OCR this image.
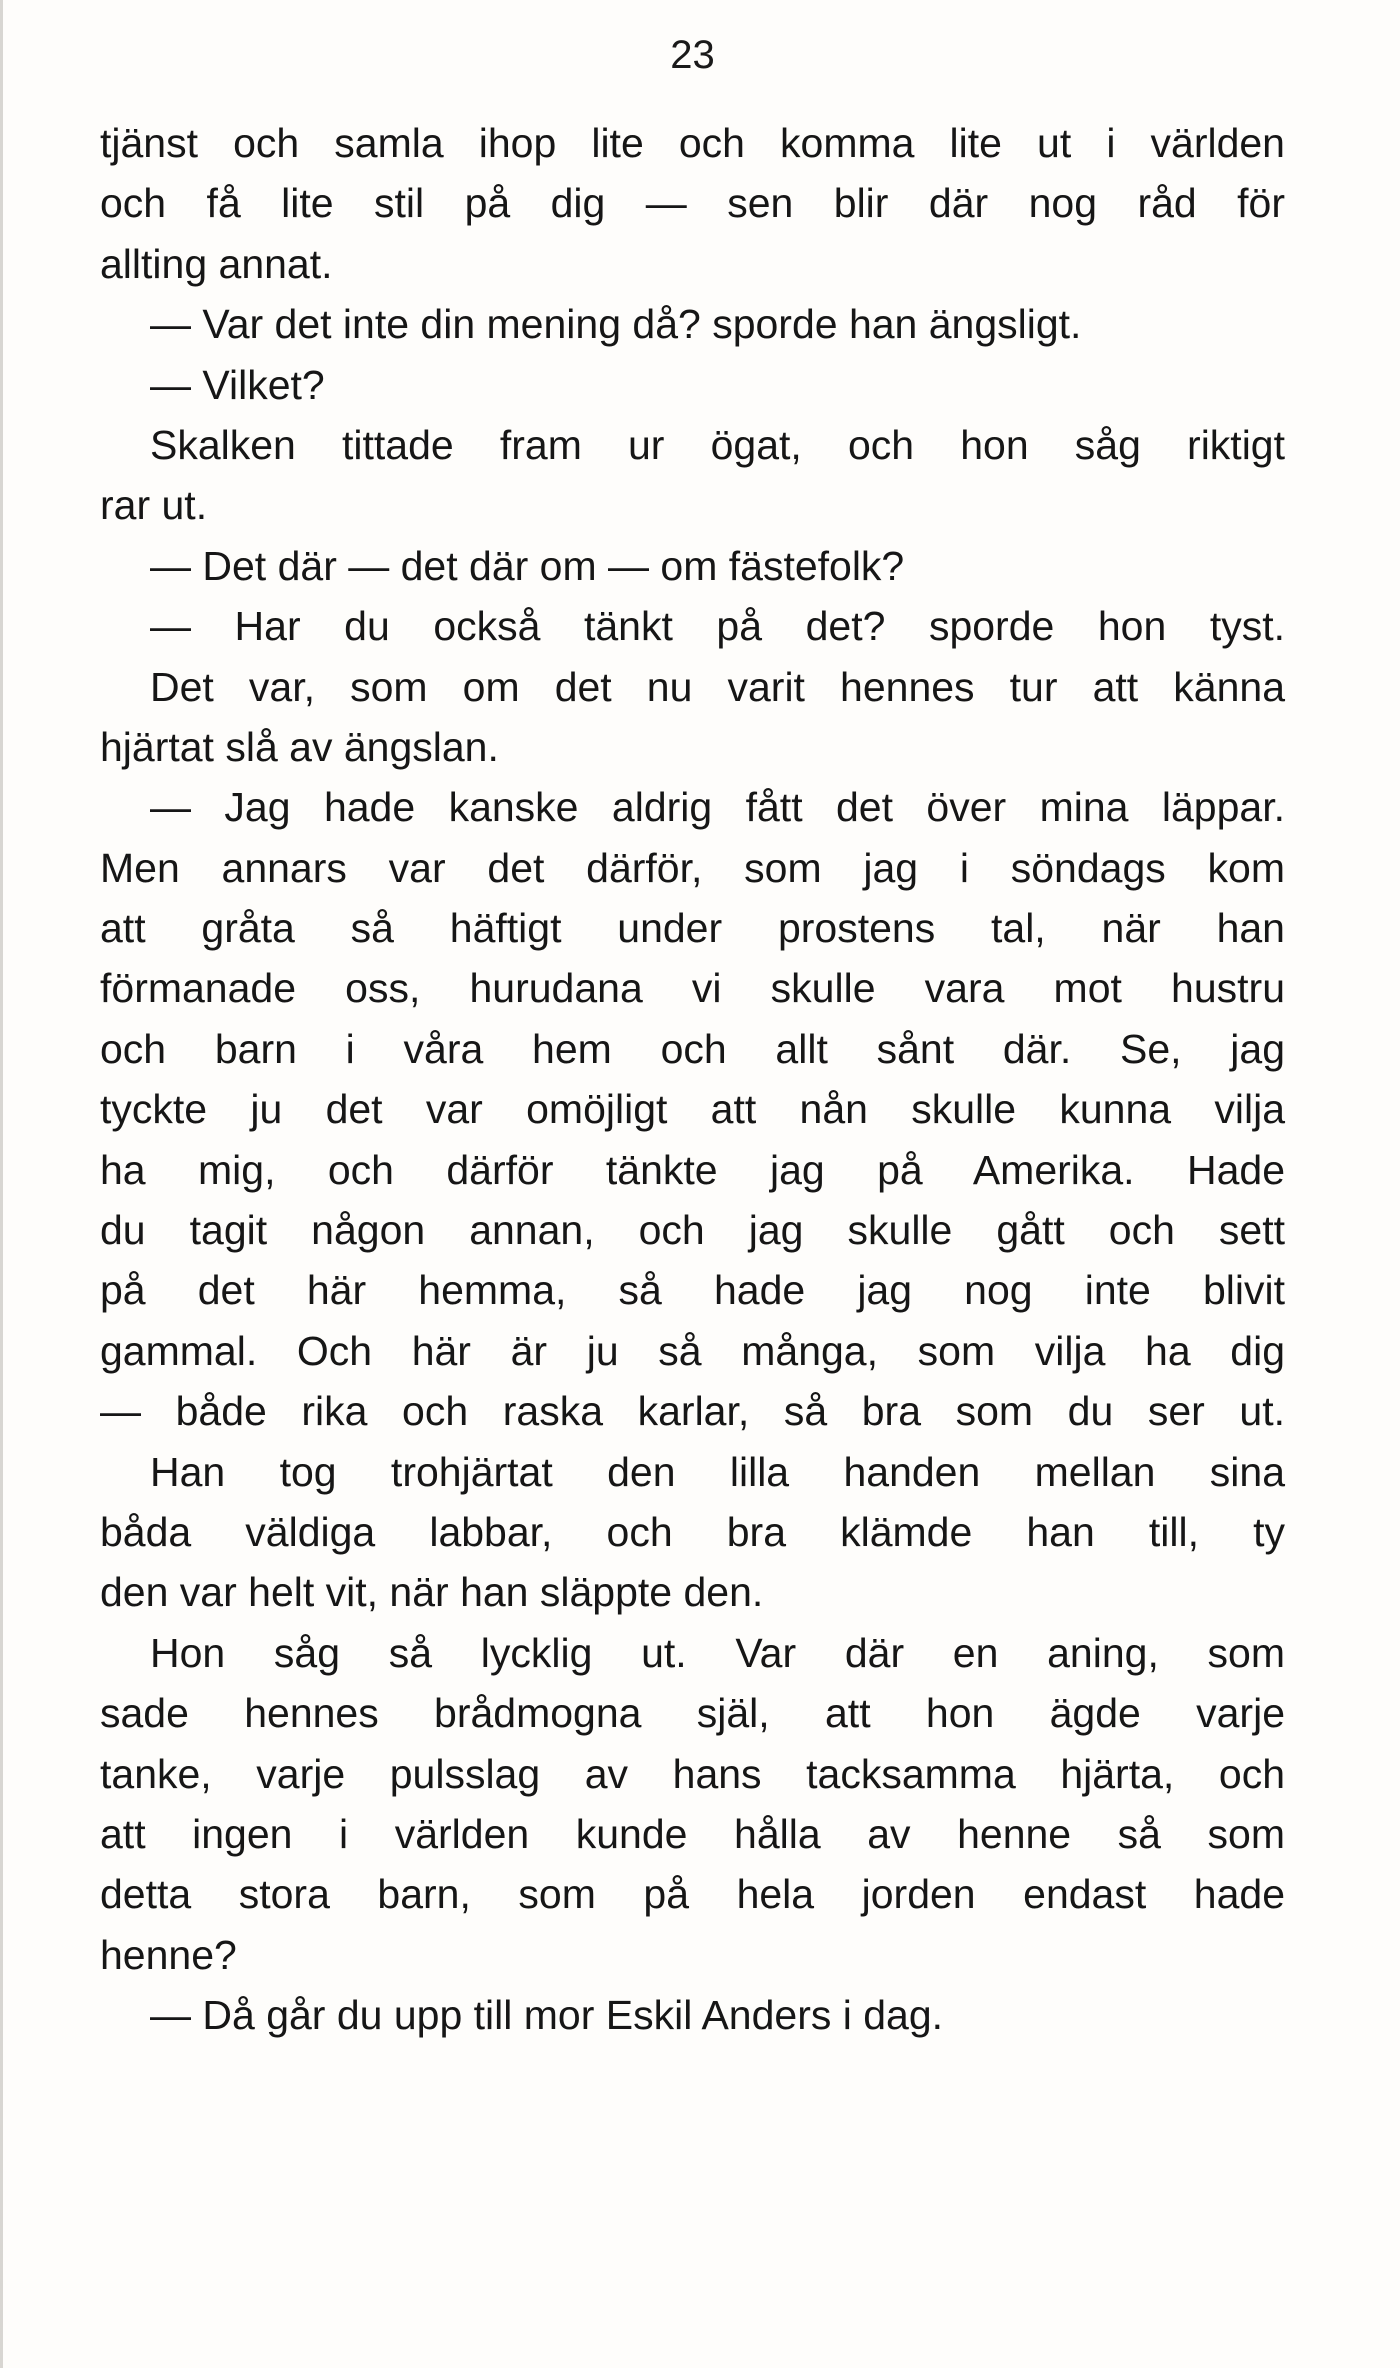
23
tjänst och samla ihop lite och komma lite ut i världen
och få lite stil på dig — sen blir där nog råd för
allting annat.
— Var det inte din mening då? sporde han ängsligt.
— Vilket?
Skalken tittade fram ur ögat, och hon såg riktigt
rar ut.
— Det där — det där om — om fästefolk?
— Har du också tänkt på det? sporde hon tyst.
Det var, som om det nu varit hennes tur att känna
hjärtat slå av ängslan.
— Jag hade kanske aldrig fått det över mina läppar.
Men annars var det därför, som jag i söndags kom
att gråta så häftigt under prostens tal, när han
förmanade oss, hurudana vi skulle vara mot hustru
och barn i våra hem och allt sånt där. Se, jag
tyckte ju det var omöjligt att nån skulle kunna vilja
ha mig, och därför tänkte jag på Amerika. Hade
du tagit någon annan, och jag skulle gått och sett
på det här hemma, så hade jag nog inte blivit
gammal. Och här är ju så många, som vilja ha dig
— både rika och raska karlar, så bra som du ser ut.
Han tog trohjärtat den lilla handen mellan sina
båda väldiga labbar, och bra klämde han till, ty
den var helt vit, när han släppte den.
Hon såg så lycklig ut. Var där en aning, som
sade hennes brådmogna själ, att hon ägde varje
tanke, varje pulsslag av hans tacksamma hjärta, och
att ingen i världen kunde hålla av henne så som
detta stora barn, som på hela jorden endast hade
henne?
— Då går du upp till mor Eskil Anders i dag.
